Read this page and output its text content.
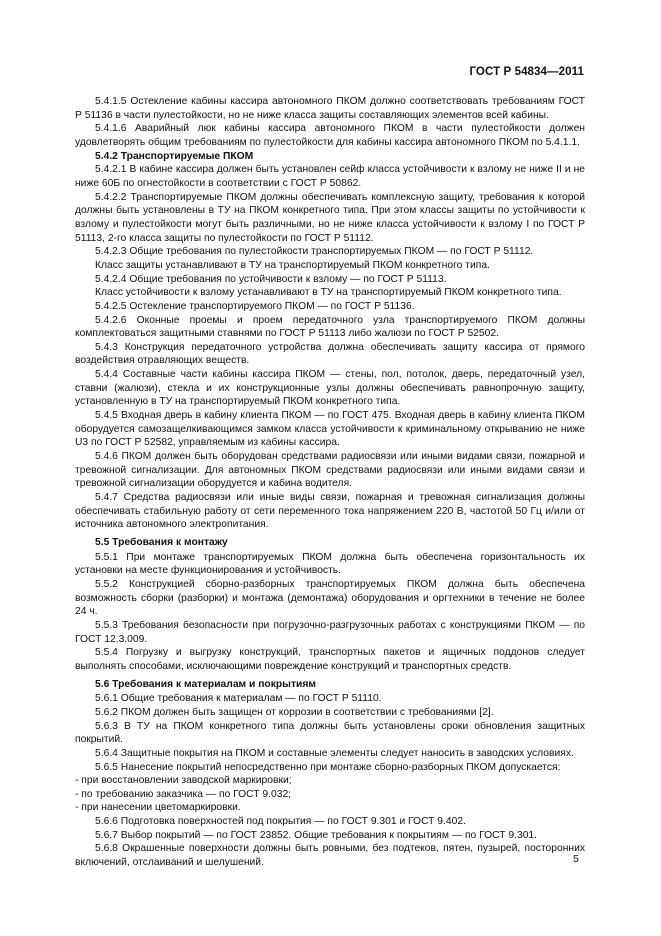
ГОСТ Р 54834—2011

5.4.1.5 Остекление кабины кассира автономного ПКОМ должно соответствовать требованиям ГОСТ Р 51136 в части пулестойкости, но не ниже класса защиты составляющих элементов всей кабины.

5.4.1.6 Аварийный люк кабины кассира автономного ПКОМ в части пулестойкости должен удовлетворять общим требованиям по пулестойкости для кабины кассира автономного ПКОМ по 5.4.1.1.

5.4.2 Транспортируемые ПКОМ

5.4.2.1 В кабине кассира должен быть установлен сейф класса устойчивости к взлому не ниже II и не ниже 60Б по огнестойкости в соответствии с ГОСТ Р 50862.

5.4.2.2 Транспортируемые ПКОМ должны обеспечивать комплексную защиту, требования к которой должны быть установлены в ТУ на ПКОМ конкретного типа. При этом классы защиты по устойчивости к взлому и пулестойкости могут быть различными, но не ниже класса устойчивости к взлому I по ГОСТ Р 51113, 2-го класса защиты по пулестойкости по ГОСТ Р 51112.

5.4.2.3 Общие требования по пулестойкости транспортируемых ПКОМ — по ГОСТ Р 51112.

Класс защиты устанавливают в ТУ на транспортируемый ПКОМ конкретного типа.

5.4.2.4 Общие требования по устойчивости к взлому — по ГОСТ Р 51113.

Класс устойчивости к взлому устанавливают в ТУ на транспортируемый ПКОМ конкретного типа.

5.4.2.5 Остекление транспортируемого ПКОМ — по ГОСТ Р 51136.

5.4.2.6 Оконные проемы и проем передаточного узла транспортируемого ПКОМ должны комплектоваться защитными ставнями по ГОСТ Р 51113 либо жалюзи по ГОСТ Р 52502.

5.4.3 Конструкция передаточного устройства должна обеспечивать защиту кассира от прямого воздействия отравляющих веществ.

5.4.4 Составные части кабины кассира ПКОМ — стены, пол, потолок, дверь, передаточный узел, ставни (жалюзи), стекла и их конструкционные узлы должны обеспечивать равнопрочную защиту, установленную в ТУ на транспортируемый ПКОМ конкретного типа.

5.4.5 Входная дверь в кабину клиента ПКОМ — по ГОСТ 475. Входная дверь в кабину клиента ПКОМ оборудуется самозащелкивающимся замком класса устойчивости к криминальному открыванию не ниже U3 по ГОСТ Р 52582, управляемым из кабины кассира.

5.4.6 ПКОМ должен быть оборудован средствами радиосвязи или иными видами связи, пожарной и тревожной сигнализации. Для автономных ПКОМ средствами радиосвязи или иными видами связи и тревожной сигнализации оборудуется и кабина водителя.

5.4.7 Средства радиосвязи или иные виды связи, пожарная и тревожная сигнализация должны обеспечивать стабильную работу от сети переменного тока напряжением 220 В, частотой 50 Гц и/или от источника автономного электропитания.

5.5 Требования к монтажу

5.5.1 При монтаже транспортируемых ПКОМ должна быть обеспечена горизонтальность их установки на месте функционирования и устойчивость.

5.5.2 Конструкцией сборно-разборных транспортируемых ПКОМ должна быть обеспечена возможность сборки (разборки) и монтажа (демонтажа) оборудования и оргтехники в течение не более 24 ч.

5.5.3 Требования безопасности при погрузочно-разгрузочных работах с конструкциями ПКОМ — по ГОСТ 12.3.009.

5.5.4 Погрузку и выгрузку конструкций, транспортных пакетов и ящичных поддонов следует выполнять способами, исключающими повреждение конструкций и транспортных средств.

5.6 Требования к материалам и покрытиям

5.6.1 Общие требования к материалам — по ГОСТ Р 51110.

5.6.2 ПКОМ должен быть защищен от коррозии в соответствии с требованиями [2].

5.6.3 В ТУ на ПКОМ конкретного типа должны быть установлены сроки обновления защитных покрытий.

5.6.4 Защитные покрытия на ПКОМ и составные элементы следует наносить в заводских условиях.

5.6.5 Нанесение покрытий непосредственно при монтаже сборно-разборных ПКОМ допускается:

- при восстановлении заводской маркировки;

- по требованию заказчика — по ГОСТ 9.032;

- при нанесении цветомаркировки.

5.6.6 Подготовка поверхностей под покрытия — по ГОСТ 9.301 и ГОСТ 9.402.

5.6.7 Выбор покрытий — по ГОСТ 23852. Общие требования к покрытиям — по ГОСТ 9.301.

5.6.8 Окрашенные поверхности должны быть ровными, без подтеков, пятен, пузырей, посторонних включений, отслаиваний и шелушений.	5
